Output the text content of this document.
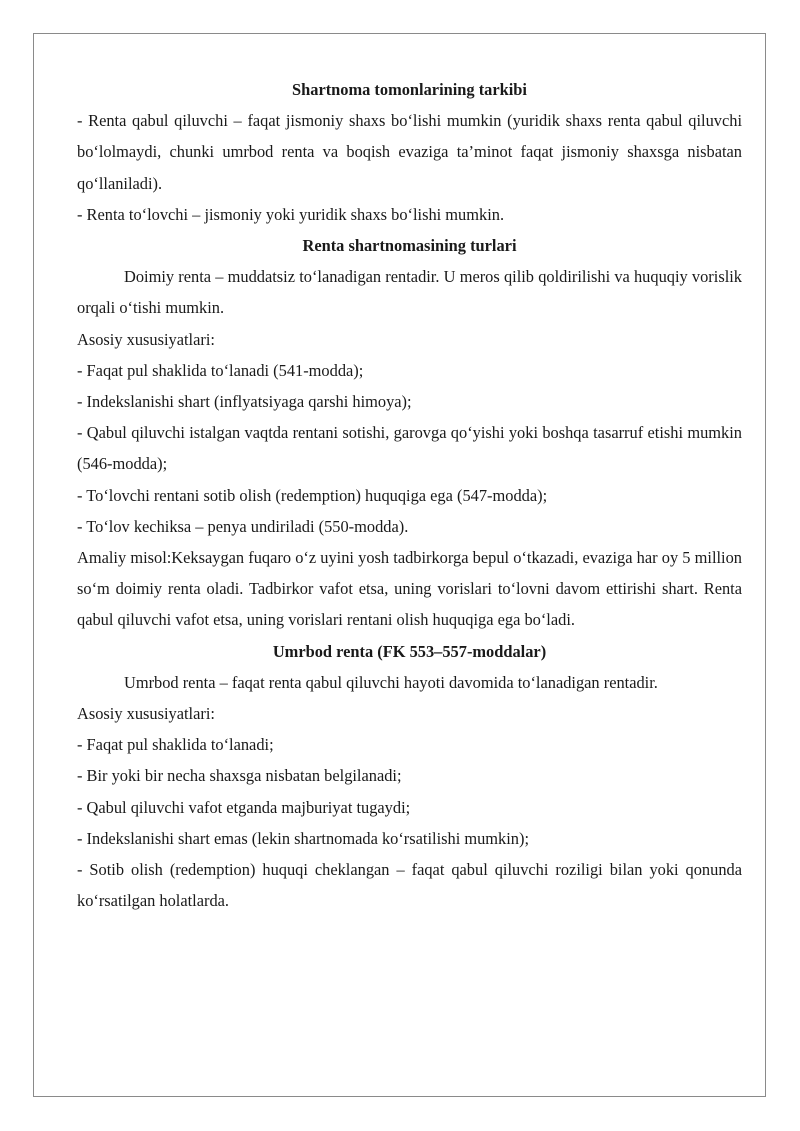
Shartnoma tomonlarining tarkibi

- Renta qabul qiluvchi – faqat jismoniy shaxs bo‘lishi mumkin (yuridik shaxs renta qabul qiluvchi bo‘lolmaydi, chunki umrbod renta va boqish evaziga ta’minot faqat jismoniy shaxsga nisbatan qo‘llaniladi).

- Renta to‘lovchi – jismoniy yoki yuridik shaxs bo‘lishi mumkin.

Renta shartnomasining turlari

Doimiy renta – muddatsiz to‘lanadigan rentadir. U meros qilib qoldirilishi va huquqiy vorislik orqali o‘tishi mumkin.

Asosiy xususiyatlari:

- Faqat pul shaklida to‘lanadi (541-modda);

- Indekslanishi shart (inflyatsiyaga qarshi himoya);

- Qabul qiluvchi istalgan vaqtda rentani sotishi, garovga qo‘yishi yoki boshqa tasarruf etishi mumkin (546-modda);

- To‘lovchi rentani sotib olish (redemption) huquqiga ega (547-modda);

- To‘lov kechiksa – penya undiriladi (550-modda).

Amaliy misol:Keksaygan fuqaro o‘z uyini yosh tadbirkorga bepul o‘tkazadi, evaziga har oy 5 million so‘m doimiy renta oladi. Tadbirkor vafot etsa, uning vorislari to‘lovni davom ettirishi shart. Renta qabul qiluvchi vafot etsa, uning vorislari rentani olish huquqiga ega bo‘ladi.

Umrbod renta (FK 553–557-moddalar)

Umrbod renta – faqat renta qabul qiluvchi hayoti davomida to‘lanadigan rentadir.

Asosiy xususiyatlari:

- Faqat pul shaklida to‘lanadi;

- Bir yoki bir necha shaxsga nisbatan belgilanadi;

- Qabul qiluvchi vafot etganda majburiyat tugaydi;

- Indekslanishi shart emas (lekin shartnomada ko‘rsatilishi mumkin);

- Sotib olish (redemption) huquqi cheklangan – faqat qabul qiluvchi roziligi bilan yoki qonunda ko‘rsatilgan holatlarda.
